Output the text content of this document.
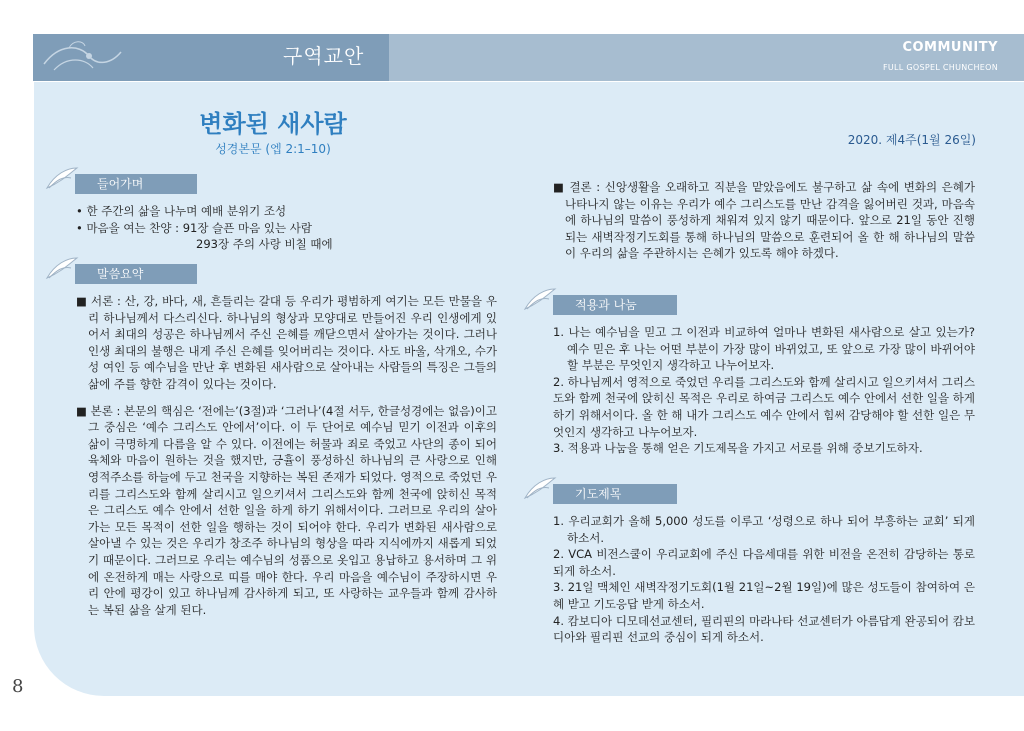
구역교안	COMMUNITY
FULL GOSPEL CHUNCHEON
변화된 새사람
성경본문 (엡 2:1–10)
2020. 제4주(1월 26일)
들어가며

• 한 주간의 삶을 나누며 예배 분위기 조성

• 마음을 여는 찬양 : 91장 슬픈 마음 있는 사람

293장 주의 사랑 비칠 때에

말씀요약

■ 서론 : 산, 강, 바다, 새, 흔들리는 갈대 등 우리가 평범하게 여기는 모든 만물을 우리 하나님께서 다스리신다. 하나님의 형상과 모양대로 만들어진 우리 인생에게 있어서 최대의 성공은 하나님께서 주신 은혜를 깨닫으면서 살아가는 것이다. 그러나 인생 최대의 불행은 내게 주신 은혜를 잊어버리는 것이다. 사도 바울, 삭개오, 수가성 여인 등 예수님을 만난 후 변화된 새사람으로 살아내는 사람들의 특징은 그들의 삶에 주를 향한 감격이 있다는 것이다.

■ 본론 : 본문의 핵심은 ‘전에는’(3절)과 ‘그러나’(4절 서두, 한글성경에는 없음)이고 그 중심은 ‘예수 그리스도 안에서’이다. 이 두 단어로 예수님 믿기 이전과 이후의 삶이 극명하게 다름을 알 수 있다. 이전에는 허물과 죄로 죽었고 사단의 종이 되어 육체와 마음이 원하는 것을 했지만, 긍휼이 풍성하신 하나님의 큰 사랑으로 인해 영적주소를 하늘에 두고 천국을 지향하는 복된 존재가 되었다. 영적으로 죽었던 우리를 그리스도와 함께 살리시고 일으키셔서 그리스도와 함께 천국에 앉히신 목적은 그리스도 예수 안에서 선한 일을 하게 하기 위해서이다. 그러므로 우리의 살아가는 모든 목적이 선한 일을 행하는 것이 되어야 한다. 우리가 변화된 새사람으로 살아낼 수 있는 것은 우리가 창조주 하나님의 형상을 따라 지식에까지 새롭게 되었기 때문이다. 그러므로 우리는 예수님의 성품으로 옷입고 용납하고 용서하며 그 위에 온전하게 매는 사랑으로 띠를 매야 한다. 우리 마음을 예수님이 주장하시면 우리 안에 평강이 있고 하나님께 감사하게 되고, 또 사랑하는 교우들과 함께 감사하는 복된 삶을 살게 된다.

■ 결론 : 신앙생활을 오래하고 직분을 맡았음에도 불구하고 삶 속에 변화의 은혜가 나타나지 않는 이유는 우리가 예수 그리스도를 만난 감격을 잃어버린 것과, 마음속에 하나님의 말씀이 풍성하게 채워져 있지 않기 때문이다. 앞으로 21일 동안 진행되는 새벽작정기도회를 통해 하나님의 말씀으로 훈련되어 올 한 해 하나님의 말씀이 우리의 삶을 주관하시는 은혜가 있도록 해야 하겠다.

적용과 나눔

1. 나는 예수님을 믿고 그 이전과 비교하여 얼마나 변화된 새사람으로 살고 있는가? 예수 믿은 후 나는 어떤 부분이 가장 많이 바뀌었고, 또 앞으로 가장 많이 바뀌어야 할 부분은 무엇인지 생각하고 나누어보자.

2. 하나님께서 영적으로 죽었던 우리를 그리스도와 함께 살리시고 일으키셔서 그리스도와 함께 천국에 앉히신 목적은 우리로 하여금 그리스도 예수 안에서 선한 일을 하게 하기 위해서이다. 올 한 해 내가 그리스도 예수 안에서 힘써 감당해야 할 선한 일은 무엇인지 생각하고 나누어보자.

3. 적용과 나눔을 통해 얻은 기도제목을 가지고 서로를 위해 중보기도하자.

기도제목

1. 우리교회가 올해 5,000 성도를 이루고 ‘성령으로 하나 되어 부흥하는 교회’ 되게 하소서.

2. VCA 비전스쿨이 우리교회에 주신 다음세대를 위한 비전을 온전히 감당하는 통로 되게 하소서.

3. 21일 맥체인 새벽작정기도회(1월 21일~2월 19일)에 많은 성도들이 참여하여 은혜 받고 기도응답 받게 하소서.

4. 캄보디아 디모데선교센터, 필리핀의 마라나타 선교센터가 아름답게 완공되어 캄보디아와 필리핀 선교의 중심이 되게 하소서.

8
